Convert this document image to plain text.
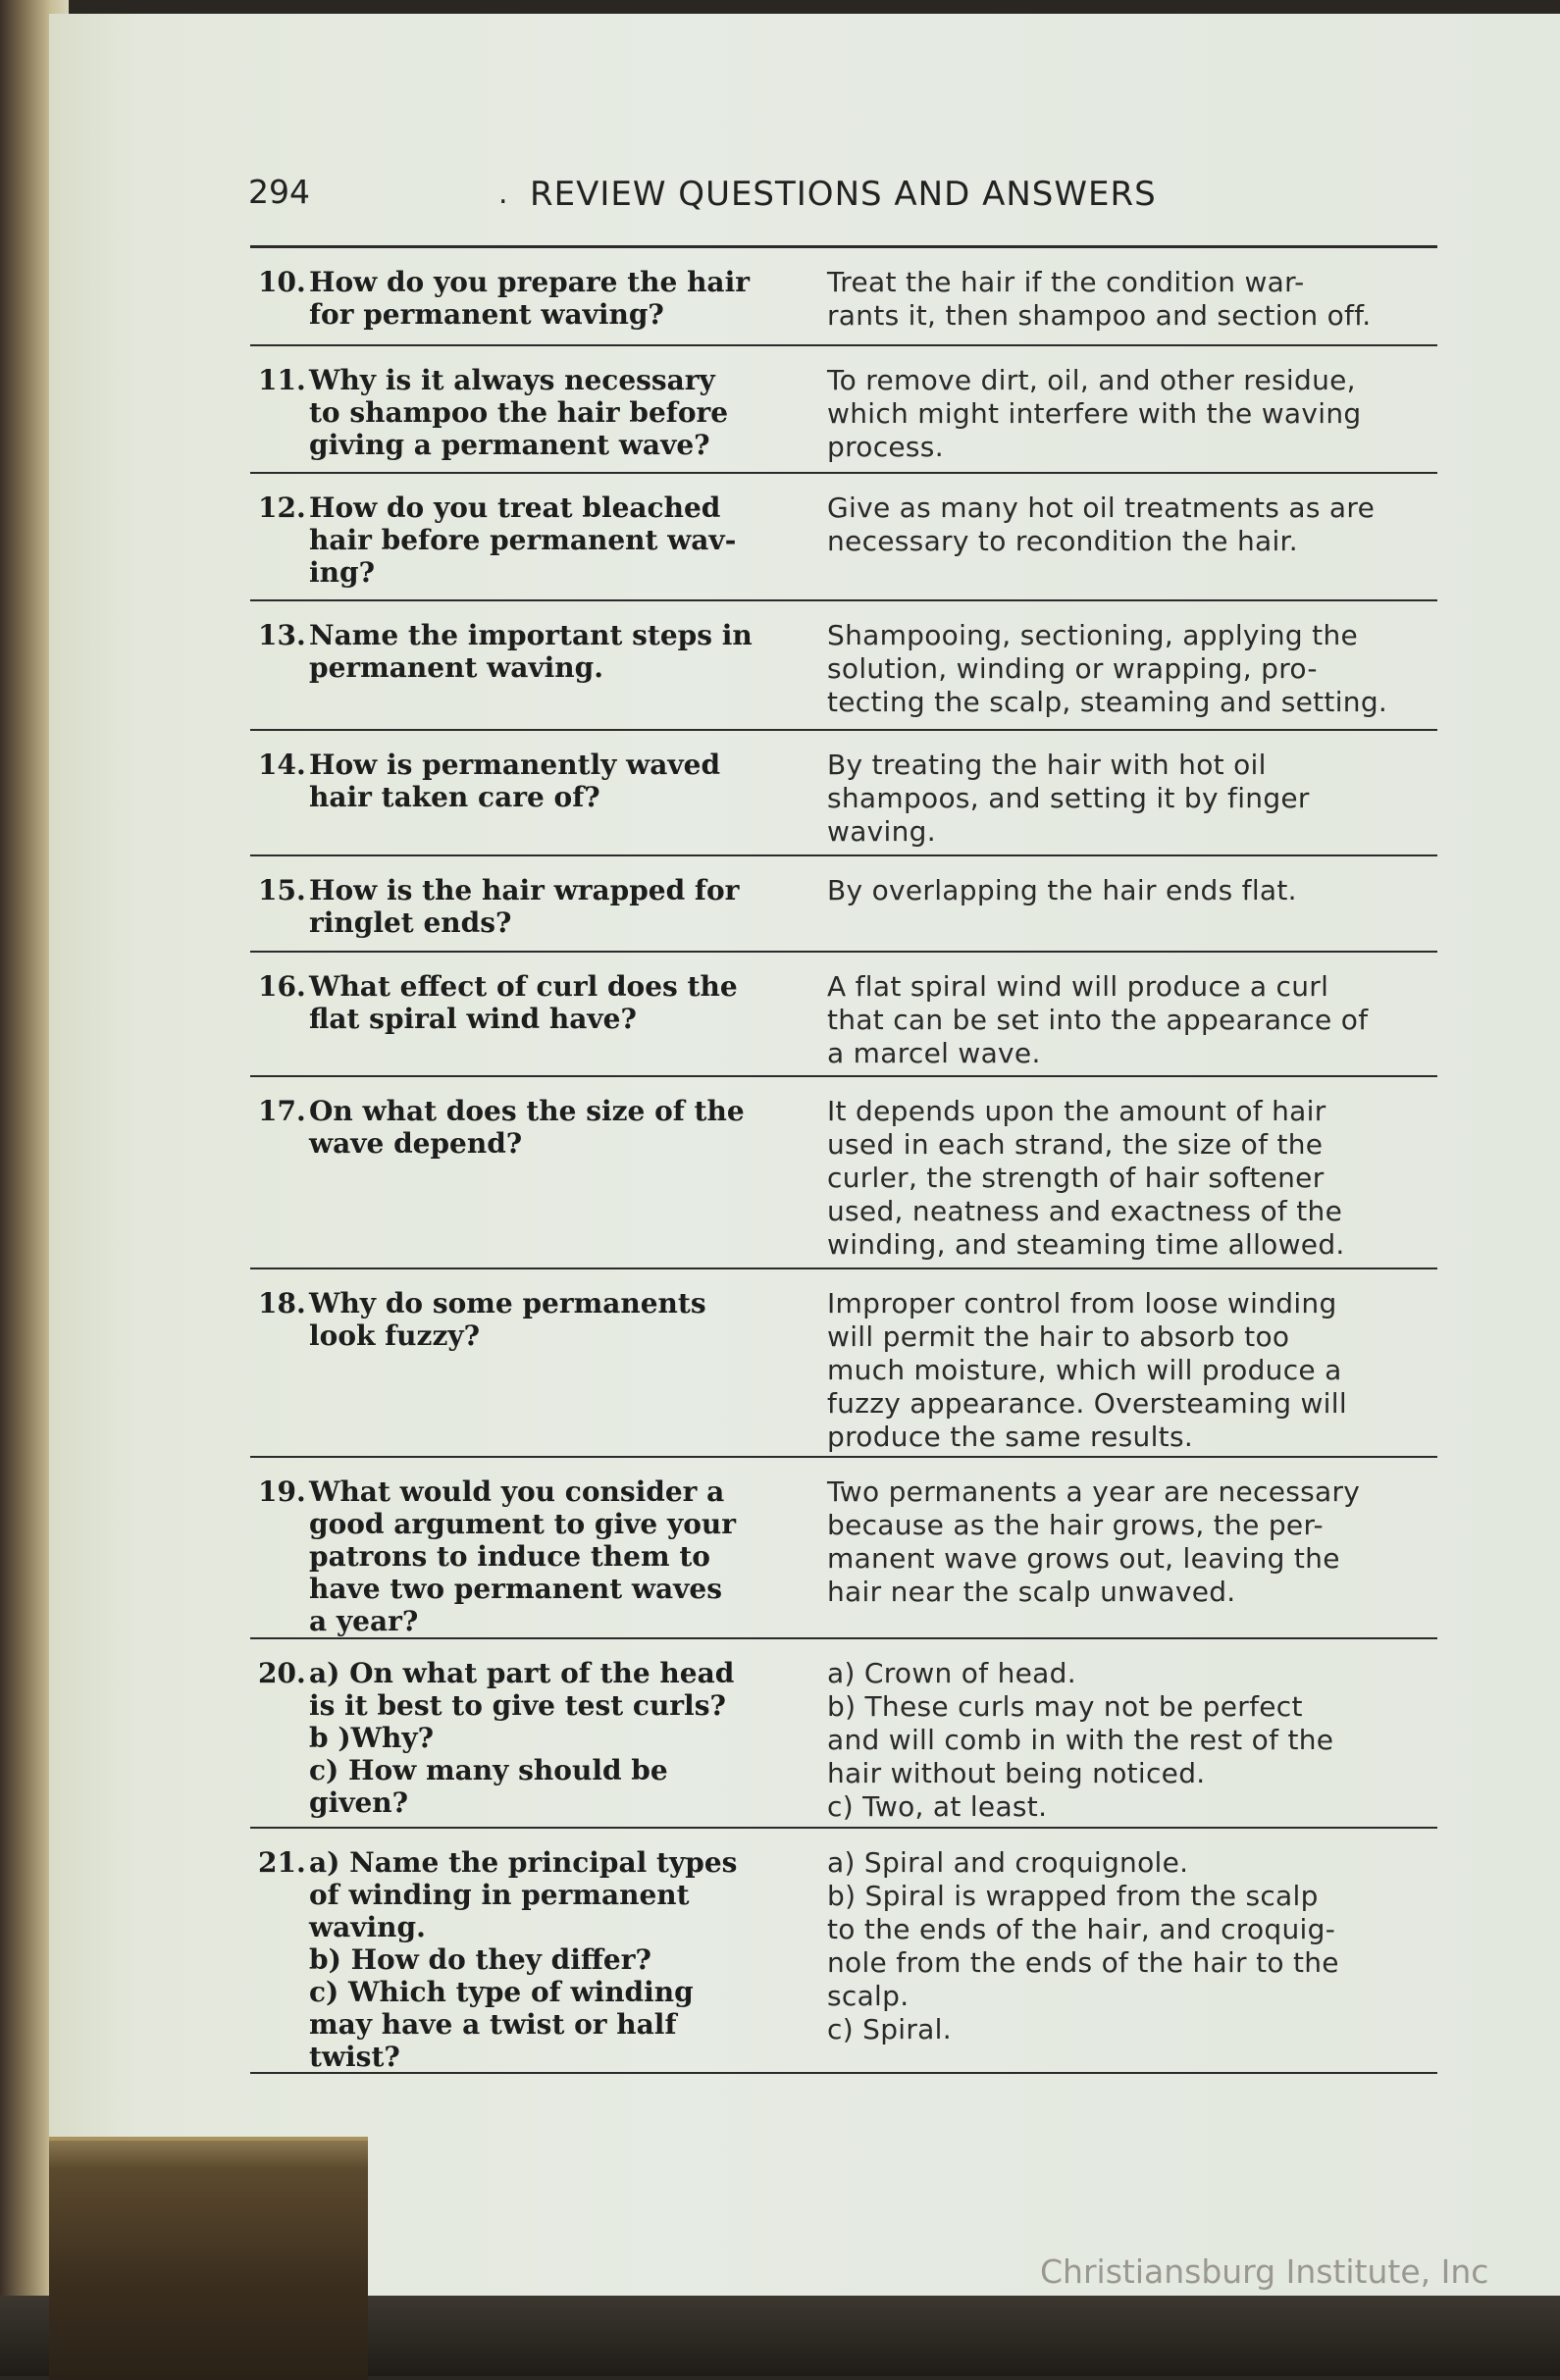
294	. REVIEW QUESTIONS AND ANSWERS
10. How do you prepare the hair
for permanent waving?
Treat the hair if the condition war-
rants it, then shampoo and section off.
11. Why is it always necessary
to shampoo the hair before
giving a permanent wave?
To remove dirt, oil, and other residue,
which might interfere with the waving
process.
12. How do you treat bleached
hair before permanent wav-
ing?
Give as many hot oil treatments as are
necessary to recondition the hair.
13. Name the important steps in
permanent waving.
Shampooing, sectioning, applying the
solution, winding or wrapping, pro-
tecting the scalp, steaming and setting.
14. How is permanently waved
hair taken care of?
By treating the hair with hot oil
shampoos, and setting it by finger
waving.
15. How is the hair wrapped for
ringlet ends?
By overlapping the hair ends flat.
16. What effect of curl does the
flat spiral wind have?
A flat spiral wind will produce a curl
that can be set into the appearance of
a marcel wave.
17. On what does the size of the
wave depend?
It depends upon the amount of hair
used in each strand, the size of the
curler, the strength of hair softener
used, neatness and exactness of the
winding, and steaming time allowed.
18. Why do some permanents
look fuzzy?
Improper control from loose winding
will permit the hair to absorb too
much moisture, which will produce a
fuzzy appearance. Oversteaming will
produce the same results.
19. What would you consider a
good argument to give your
patrons to induce them to
have two permanent waves
a year?
Two permanents a year are necessary
because as the hair grows, the per-
manent wave grows out, leaving the
hair near the scalp unwaved.
20. a) On what part of the head
is it best to give test curls?
b )Why?
c) How many should be
given?
a) Crown of head.
b) These curls may not be perfect
and will comb in with the rest of the
hair without being noticed.
c) Two, at least.
21. a) Name the principal types
of winding in permanent
waving.
b) How do they differ?
c) Which type of winding
may have a twist or half
twist?
a) Spiral and croquignole.
b) Spiral is wrapped from the scalp
to the ends of the hair, and croquig-
nole from the ends of the hair to the
scalp.
c) Spiral.
Christiansburg Institute, Inc
